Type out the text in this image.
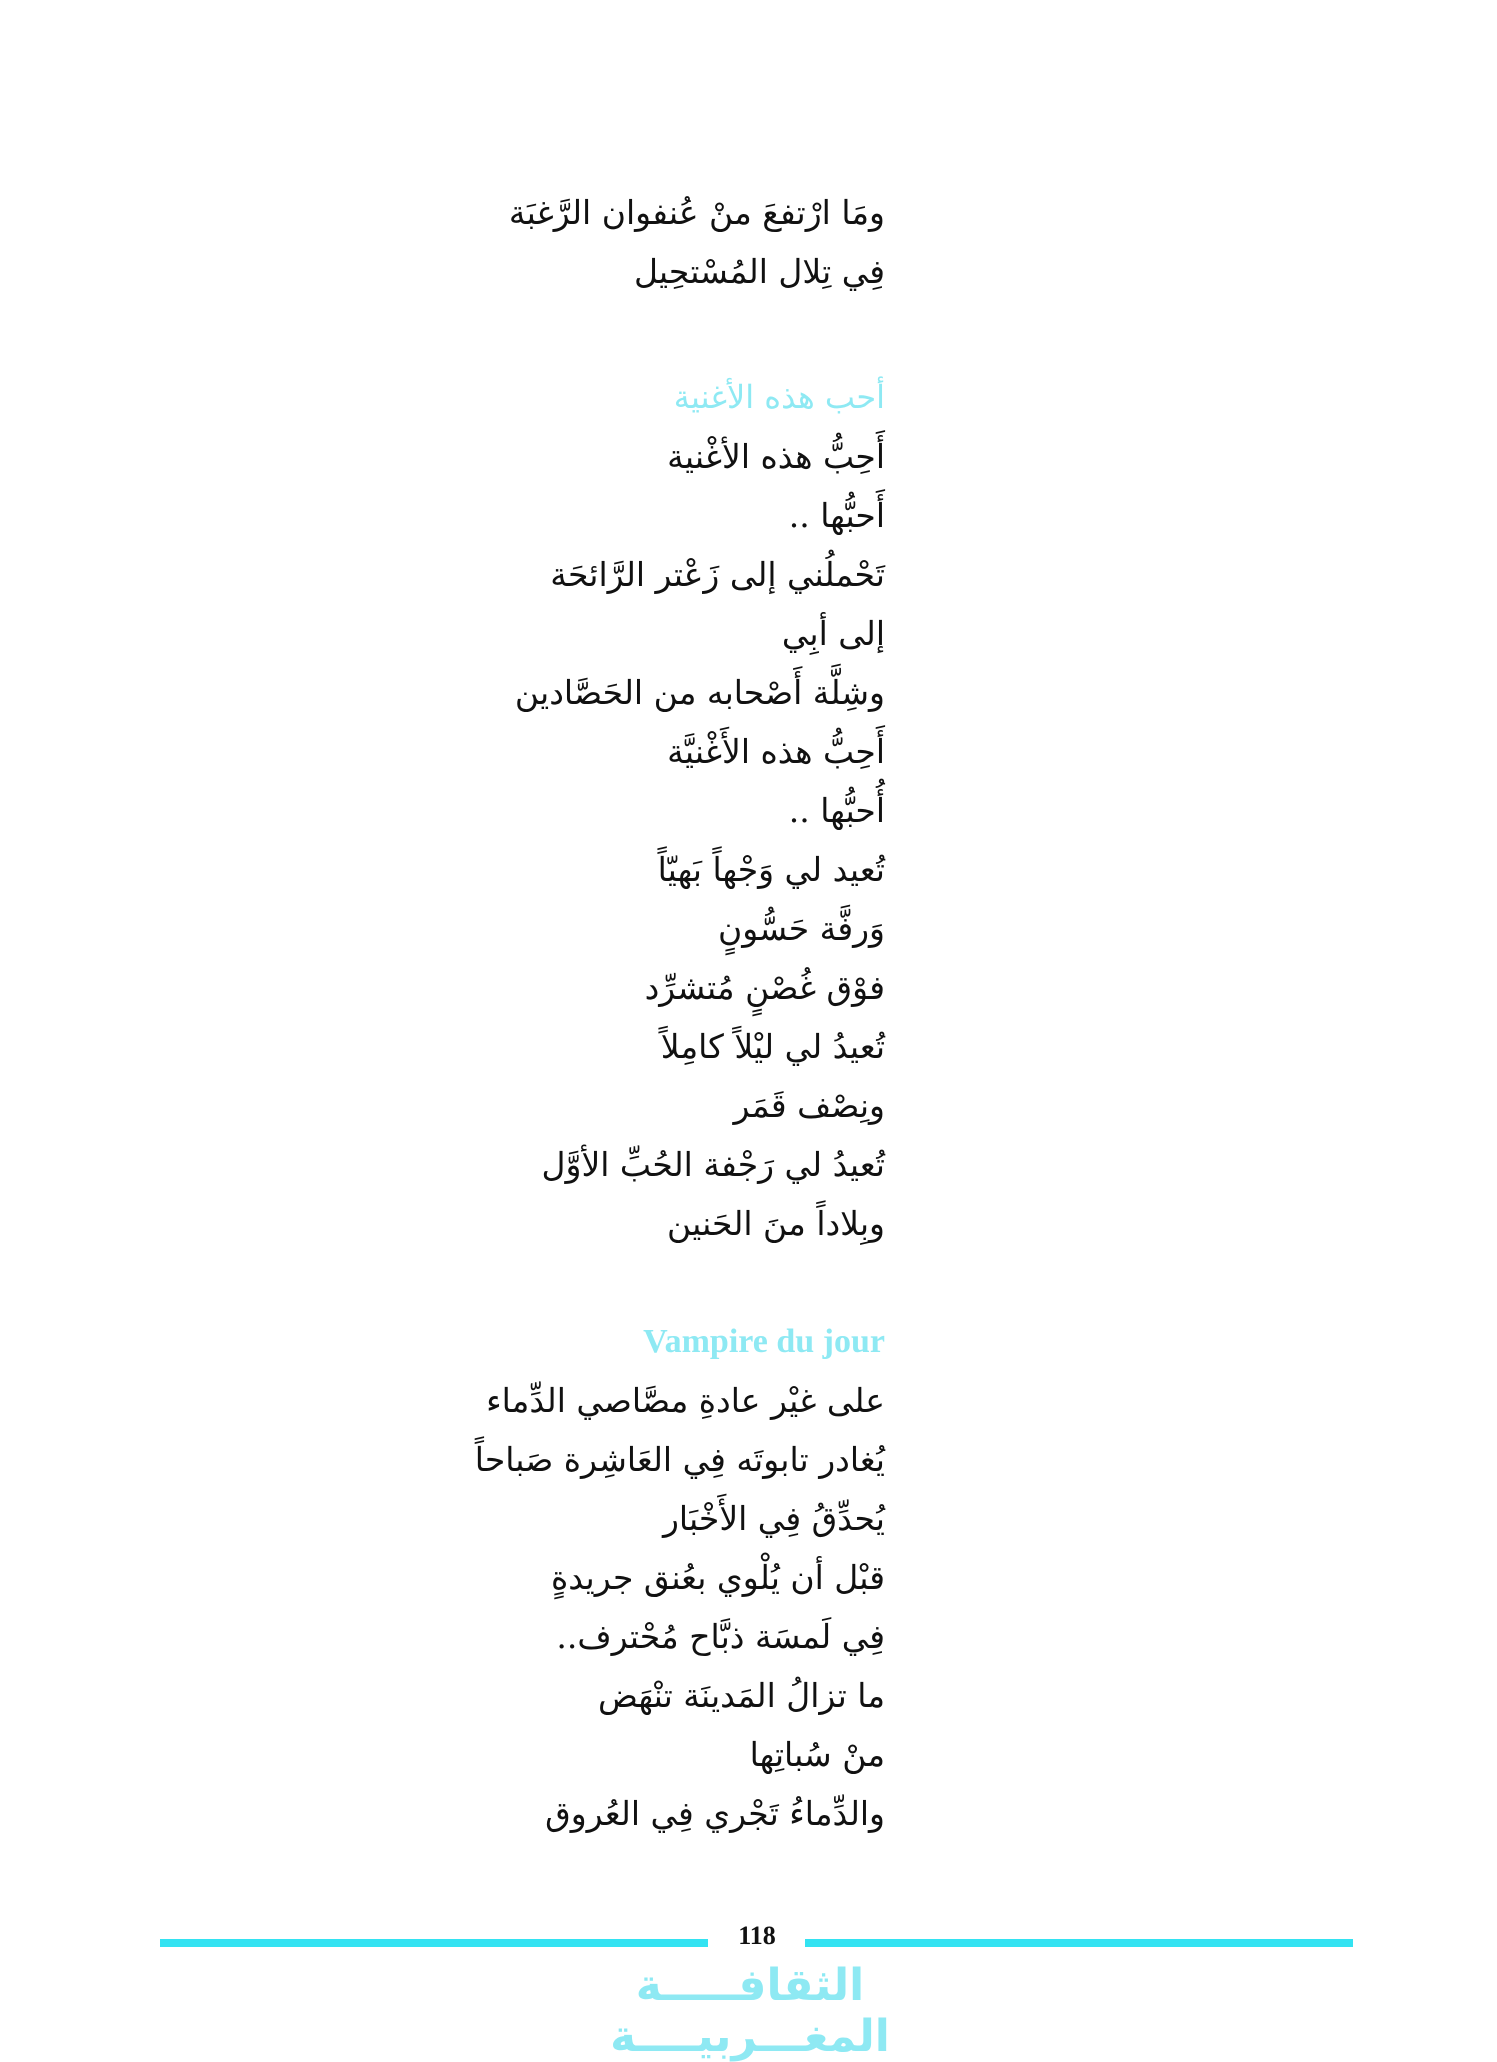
ومَا ارْتفعَ منْ عُنفوان الرَّغبَة
فِي تِلال المُسْتحِيل
أحب هذه الأغنية
أَحِبُّ هذه الأغْنية
أَحبُّها ..
تَحْملُني إلى زَعْتر الرَّائحَة
إلى أبِي
وشِلَّة أَصْحابه من الحَصَّادين
أَحِبُّ هذه الأَغْنيَّة
أُحبُّها ..
تُعيد لي وَجْهاً بَهيّاً
وَرفَّة حَسُّونٍ
فوْق غُصْنٍ مُتشرِّد
تُعيدُ لي ليْلاً كامِلاً
ونِصْف قَمَر
تُعيدُ لي رَجْفة الحُبِّ الأوَّل
وبِلاداً منَ الحَنين
Vampire du jour
على غيْر عادةِ مصَّاصي الدِّماء
يُغادر تابوتَه فِي العَاشِرة صَباحاً
يُحدِّقُ فِي الأَخْبَار
قبْل أن يُلْوي بعُنق جريدةٍ
فِي لَمسَة ذبَّاح مُحْترف..
ما تزالُ المَدينَة تنْهَض
منْ سُباتِها
والدِّماءُ تَجْري فِي العُروق
118
الثقافـــــة المغـــربيــــة
